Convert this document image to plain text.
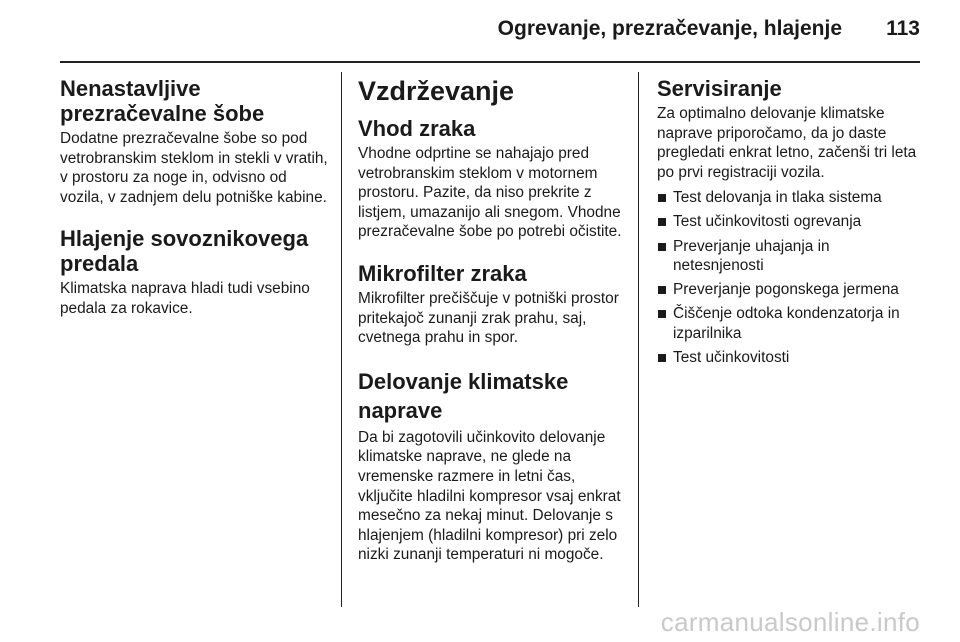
Ogrevanje, prezračevanje, hlajenje 113
Nenastavljive
prezračevalne šobe

Dodatne prezračevalne šobe so pod vetrobranskim steklom in stekli v vratih, v prostoru za noge in, odvisno od vozila, v zadnjem delu potniške kabine.

Hlajenje sovoznikovega
predala

Klimatska naprava hladi tudi vsebino pedala za rokavice.

Vzdrževanje
Vhod zraka

Vhodne odprtine se nahajajo pred vetrobranskim steklom v motornem prostoru. Pazite, da niso prekrite z listjem, umazanijo ali snegom. Vhodne prezračevalne šobe po potrebi očistite.

Mikrofilter zraka

Mikrofilter prečiščuje v potniški prostor pritekajoč zunanji zrak prahu, saj, cvetnega prahu in spor.

Delovanje klimatske
naprave

Da bi zagotovili učinkovito delovanje klimatske naprave, ne glede na vremenske razmere in letni čas, vključite hladilni kompresor vsaj enkrat mesečno za nekaj minut. Delovanje s hlajenjem (hladilni kompresor) pri zelo nizki zunanji temperaturi ni mogoče.

Servisiranje

Za optimalno delovanje klimatske naprave priporočamo, da jo daste pregledati enkrat letno, začenši tri leta po prvi registraciji vozila.

Test delovanja in tlaka sistema
Test učinkovitosti ogrevanja
Preverjanje uhajanja in netesnjenosti
Preverjanje pogonskega jermena
Čiščenje odtoka kondenzatorja in izparilnika
Test učinkovitosti
carmanualsonline.info
